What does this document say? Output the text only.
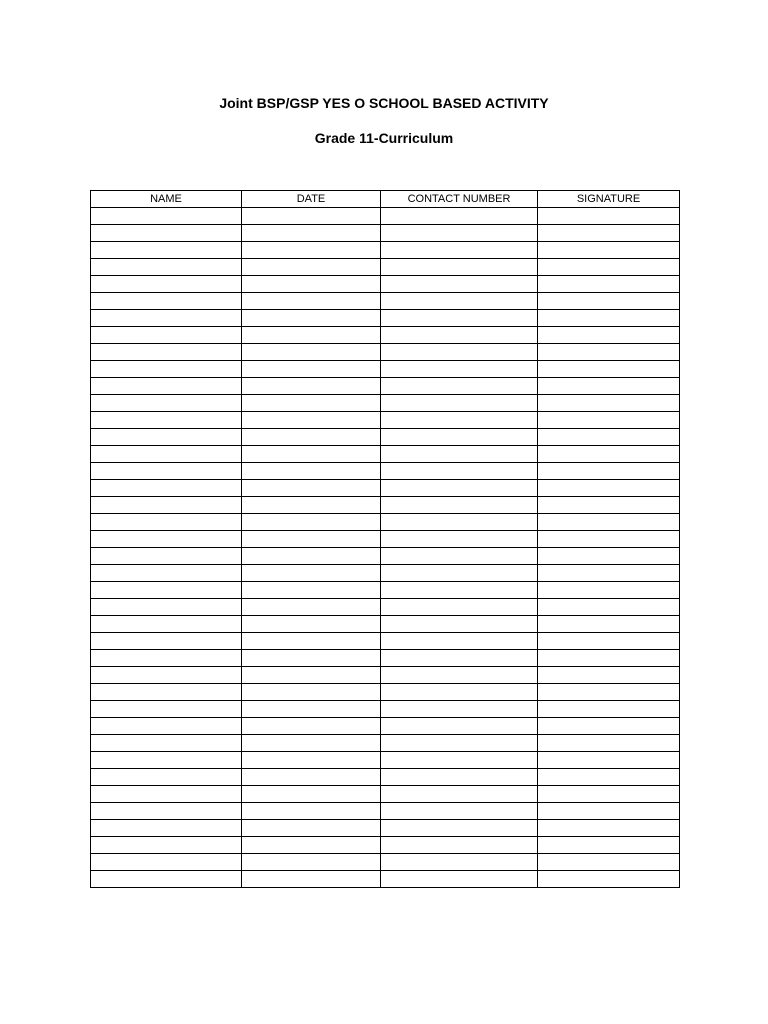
Joint BSP/GSP YES O SCHOOL BASED ACTIVITY
Grade 11-Curriculum
NAME	DATE	CONTACT NUMBER	SIGNATURE
